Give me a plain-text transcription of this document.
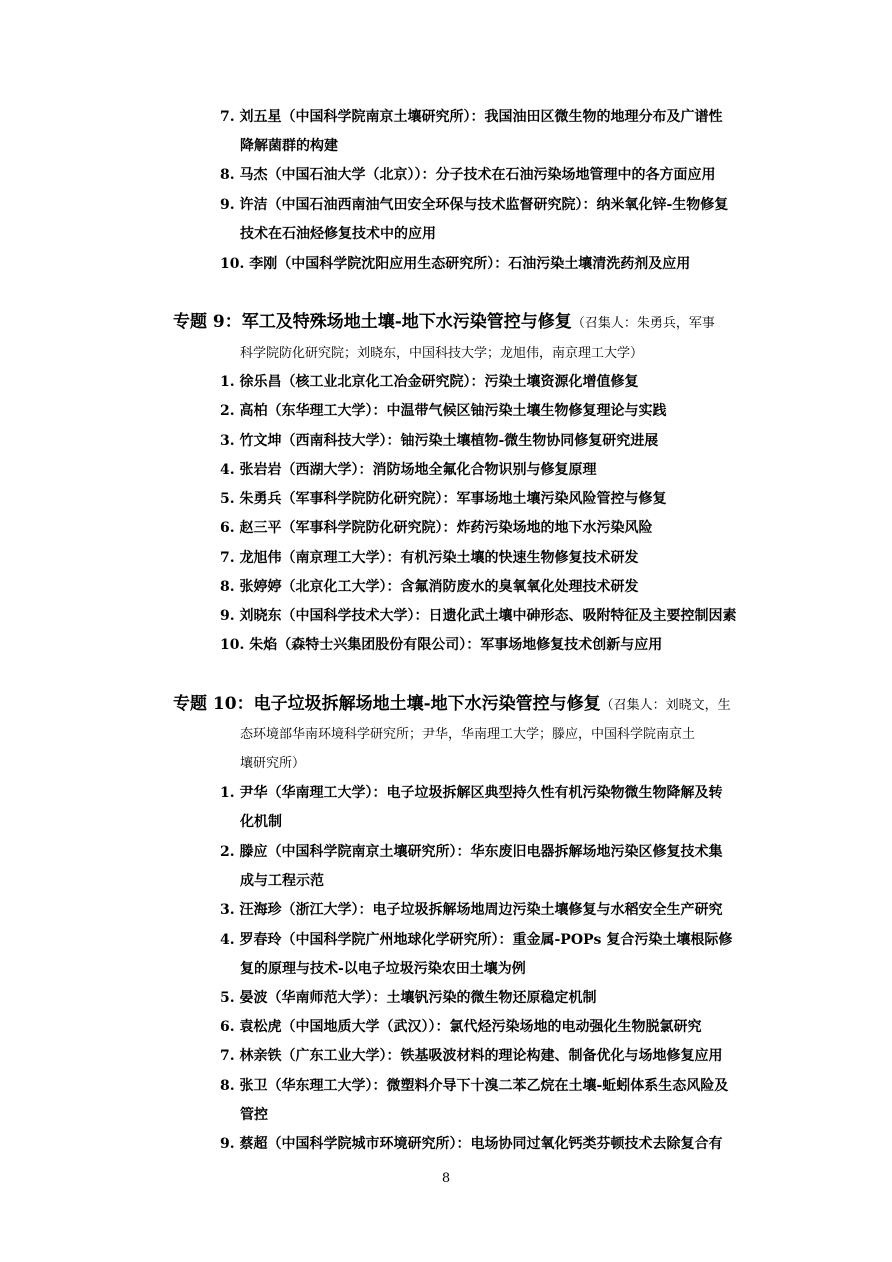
7. 刘五星（中国科学院南京土壤研究所）：我国油田区微生物的地理分布及广谱性
降解菌群的构建
8. 马杰（中国石油大学（北京））：分子技术在石油污染场地管理中的各方面应用
9. 许洁（中国石油西南油气田安全环保与技术监督研究院）：纳米氧化锌-生物修复
技术在石油烃修复技术中的应用
10. 李刚（中国科学院沈阳应用生态研究所）：石油污染土壤清洗药剂及应用
专题 9：军工及特殊场地土壤-地下水污染管控与修复（召集人：朱勇兵，军事
科学院防化研究院；刘晓东，中国科技大学；龙旭伟，南京理工大学）
1. 徐乐昌（核工业北京化工冶金研究院）：污染土壤资源化增值修复
2. 高柏（东华理工大学）：中温带气候区铀污染土壤生物修复理论与实践
3. 竹文坤（西南科技大学）：铀污染土壤植物-微生物协同修复研究进展
4. 张岩岩（西湖大学）：消防场地全氟化合物识别与修复原理
5. 朱勇兵（军事科学院防化研究院）：军事场地土壤污染风险管控与修复
6. 赵三平（军事科学院防化研究院）：炸药污染场地的地下水污染风险
7. 龙旭伟（南京理工大学）：有机污染土壤的快速生物修复技术研发
8. 张婷婷（北京化工大学）：含氟消防废水的臭氧氧化处理技术研发
9. 刘晓东（中国科学技术大学）：日遗化武土壤中砷形态、吸附特征及主要控制因素
10. 朱焰（森特士兴集团股份有限公司）：军事场地修复技术创新与应用
专题 10：电子垃圾拆解场地土壤-地下水污染管控与修复（召集人：刘晓文，生
态环境部华南环境科学研究所；尹华，华南理工大学；滕应，中国科学院南京土
壤研究所）
1. 尹华（华南理工大学）：电子垃圾拆解区典型持久性有机污染物微生物降解及转
化机制
2. 滕应（中国科学院南京土壤研究所）：华东废旧电器拆解场地污染区修复技术集
成与工程示范
3. 汪海珍（浙江大学）：电子垃圾拆解场地周边污染土壤修复与水稻安全生产研究
4. 罗春玲（中国科学院广州地球化学研究所）：重金属-POPs 复合污染土壤根际修
复的原理与技术-以电子垃圾污染农田土壤为例
5. 晏波（华南师范大学）：土壤钒污染的微生物还原稳定机制
6. 袁松虎（中国地质大学（武汉））：氯代烃污染场地的电动强化生物脱氯研究
7. 林亲铁（广东工业大学）：铁基吸波材料的理论构建、制备优化与场地修复应用
8. 张卫（华东理工大学）：微塑料介导下十溴二苯乙烷在土壤-蚯蚓体系生态风险及
管控
9. 蔡超（中国科学院城市环境研究所）：电场协同过氧化钙类芬顿技术去除复合有
8
